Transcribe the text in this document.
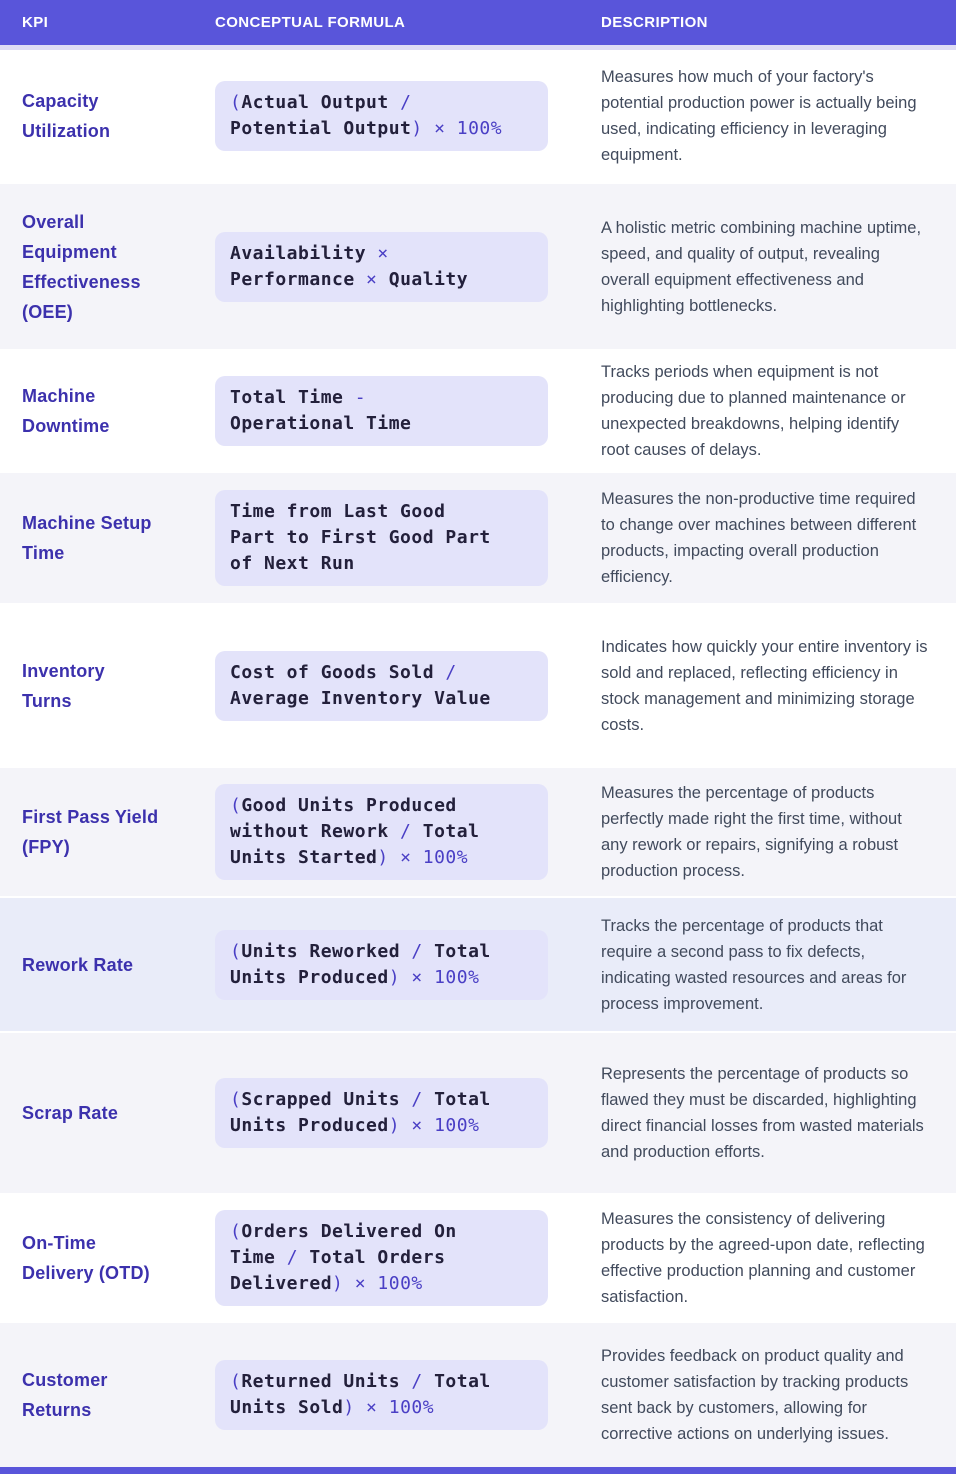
KPI	CONCEPTUAL FORMULA	DESCRIPTION
Capacity
Utilization
(Actual Output /
Potential Output) × 100%
Measures how much of your factory's potential production power is actually being used, indicating efficiency in leveraging equipment.
Overall
Equipment
Effectiveness
(OEE)
Availability ×
Performance × Quality
A holistic metric combining machine uptime, speed, and quality of output, revealing overall equipment effectiveness and highlighting bottlenecks.
Machine
Downtime
Total Time -
Operational Time
Tracks periods when equipment is not producing due to planned maintenance or unexpected breakdowns, helping identify root causes of delays.
Machine Setup
Time
Time from Last Good
Part to First Good Part
of Next Run
Measures the non-productive time required to change over machines between different products, impacting overall production efficiency.
Inventory
Turns
Cost of Goods Sold /
Average Inventory Value
Indicates how quickly your entire inventory is sold and replaced, reflecting efficiency in stock management and minimizing storage costs.
First Pass Yield
(FPY)
(Good Units Produced
without Rework / Total
Units Started) × 100%
Measures the percentage of products perfectly made right the first time, without any rework or repairs, signifying a robust production process.
Rework Rate
(Units Reworked / Total
Units Produced) × 100%
Tracks the percentage of products that require a second pass to fix defects, indicating wasted resources and areas for process improvement.
Scrap Rate
(Scrapped Units / Total
Units Produced) × 100%
Represents the percentage of products so flawed they must be discarded, highlighting direct financial losses from wasted materials and production efforts.
On-Time
Delivery (OTD)
(Orders Delivered On
Time / Total Orders
Delivered) × 100%
Measures the consistency of delivering products by the agreed-upon date, reflecting effective production planning and customer satisfaction.
Customer
Returns
(Returned Units / Total
Units Sold) × 100%
Provides feedback on product quality and customer satisfaction by tracking products sent back by customers, allowing for corrective actions on underlying issues.
